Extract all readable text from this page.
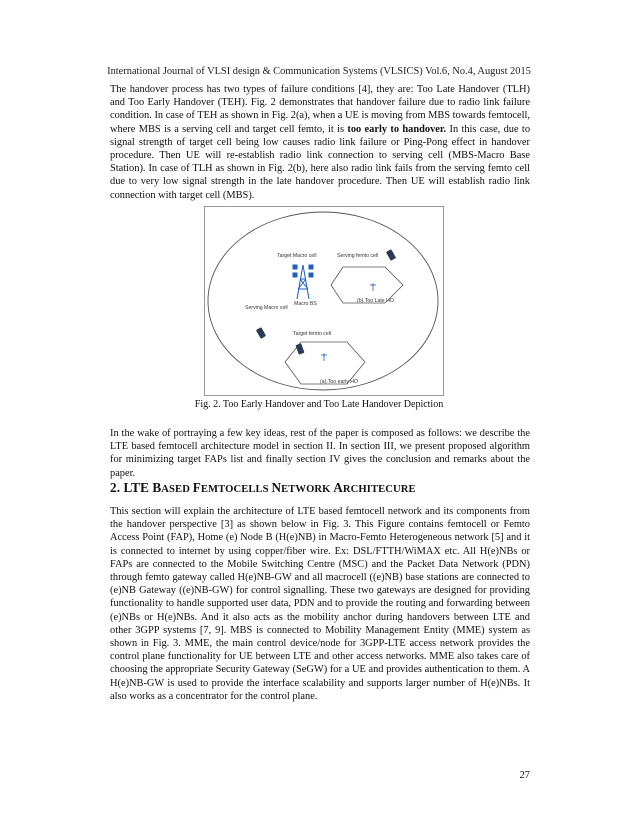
International Journal of VLSI design & Communication Systems (VLSICS) Vol.6, No.4, August 2015
The handover process has two types of failure conditions [4], they are: Too Late Handover (TLH) and Too Early Handover (TEH). Fig. 2 demonstrates that handover failure due to radio link failure condition. In case of TEH as shown in Fig. 2(a), when a UE is moving from MBS towards femtocell, where MBS is a serving cell and target cell femto, it is too early to handover. In this case, due to signal strength of target cell being low causes radio link failure or Ping-Pong effect in handover procedure. Then UE will re-establish radio link connection to serving cell (MBS-Macro Base Station). In case of TLH as shown in Fig. 2(b), here also radio link fails from the serving femto cell due to very low signal strength in the late handover procedure. Then UE will establish radio link connection with target cell (MBS).
Target Macro cell	Serving femto cell
Macro BS	(b).Too Late HO
Serving Macro cell
Target femto cell
(a).Too early HO
Fig. 2. Too Early Handover and Too Late Handover Depiction
In the wake of portraying a few key ideas, rest of the paper is composed as follows: we describe the LTE based femtocell architecture model in section II. In section III, we present proposed algorithm for minimizing target FAPs list and finally section IV gives the conclusion and remarks about the paper.
2. LTE BASED FEMTOCELLS NETWORK ARCHITECURE
This section will explain the architecture of LTE based femtocell network and its components from the handover perspective [3] as shown below in Fig. 3. This Figure contains femtocell or Femto Access Point (FAP), Home (e) Node B (H(e)NB) in Macro-Femto Heterogeneous network [5] and it is connected to internet by using copper/fiber wire. Ex: DSL/FTTH/WiMAX etc. All H(e)NBs or FAPs are connected to the Mobile Switching Centre (MSC) and the Packet Data Network (PDN) through femto gateway called H(e)NB-GW and all macrocell ((e)NB) base stations are connected to (e)NB Gateway ((e)NB-GW) for control signalling. These two gateways are designed for providing functionality to handle supported user data, PDN and to provide the routing and forwarding between (e)NBs or H(e)NBs. And it also acts as the mobility anchor during handovers between LTE and other 3GPP systems [7, 9]. MBS is connected to Mobility Management Entity (MME) system as shown in Fig. 3. MME, the main control device/node for 3GPP-LTE access network provides the control plane functionality for UE between LTE and other access networks. MME also takes care of choosing the appropriate Security Gateway (SeGW) for a UE and provides authentication to them. A H(e)NB-GW is used to provide the interface scalability and supports larger number of H(e)NBs. It also works as a concentrator for the control plane.
27
